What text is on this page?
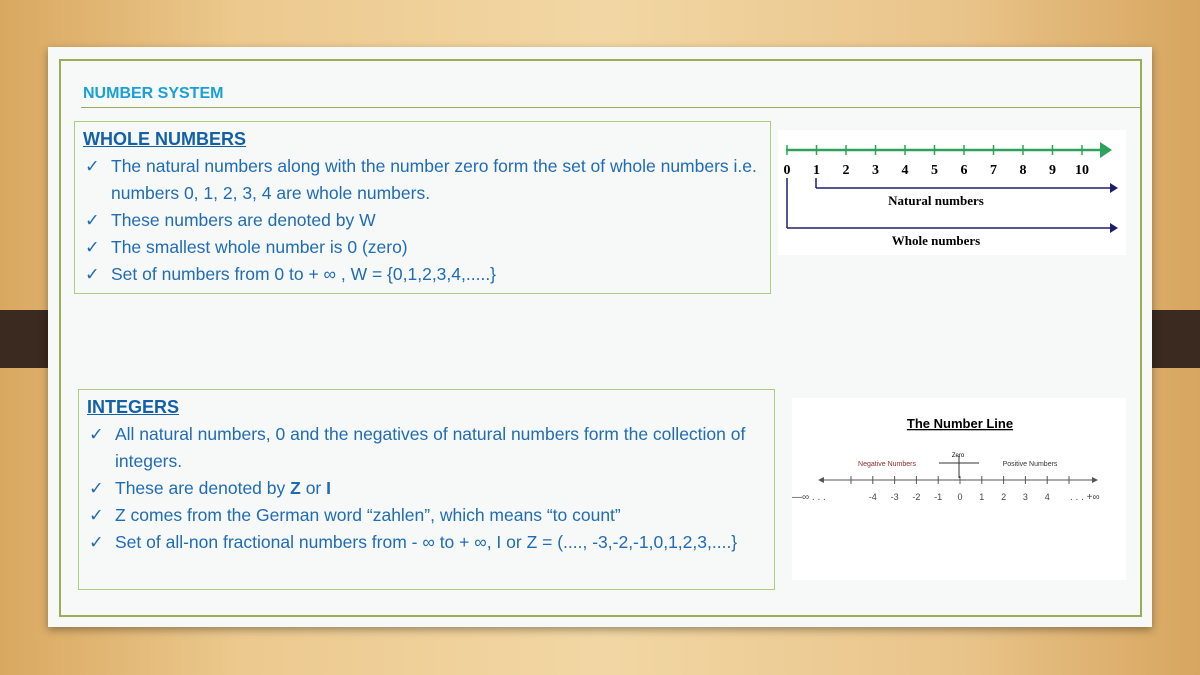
NUMBER SYSTEM
WHOLE NUMBERS
✓ The natural numbers along with the number zero form the set of whole numbers i.e. numbers 0, 1, 2, 3, 4 are whole numbers.
✓ These numbers are denoted by W
✓ The smallest whole number is 0 (zero)
✓ Set of numbers from 0 to + ∞ , W = {0,1,2,3,4,.....}
INTEGERS
✓ All natural numbers, 0 and the negatives of natural numbers form the collection of integers.
✓ These are denoted by Z or I
✓ Z comes from the German word “zahlen”, which means “to count”
✓ Set of all-non fractional numbers from - ∞ to + ∞, I or Z = (...., -3,-2,-1,0,1,2,3,....}
0 1 2 3 4 5 6 7 8 9 10
Natural numbers
Whole numbers
The Number Line
Negative Numbers	Positive Numbers
Zero
-4 -3 -2 -1 0 1 2 3 4
—∞ . . .	. . . +∞
